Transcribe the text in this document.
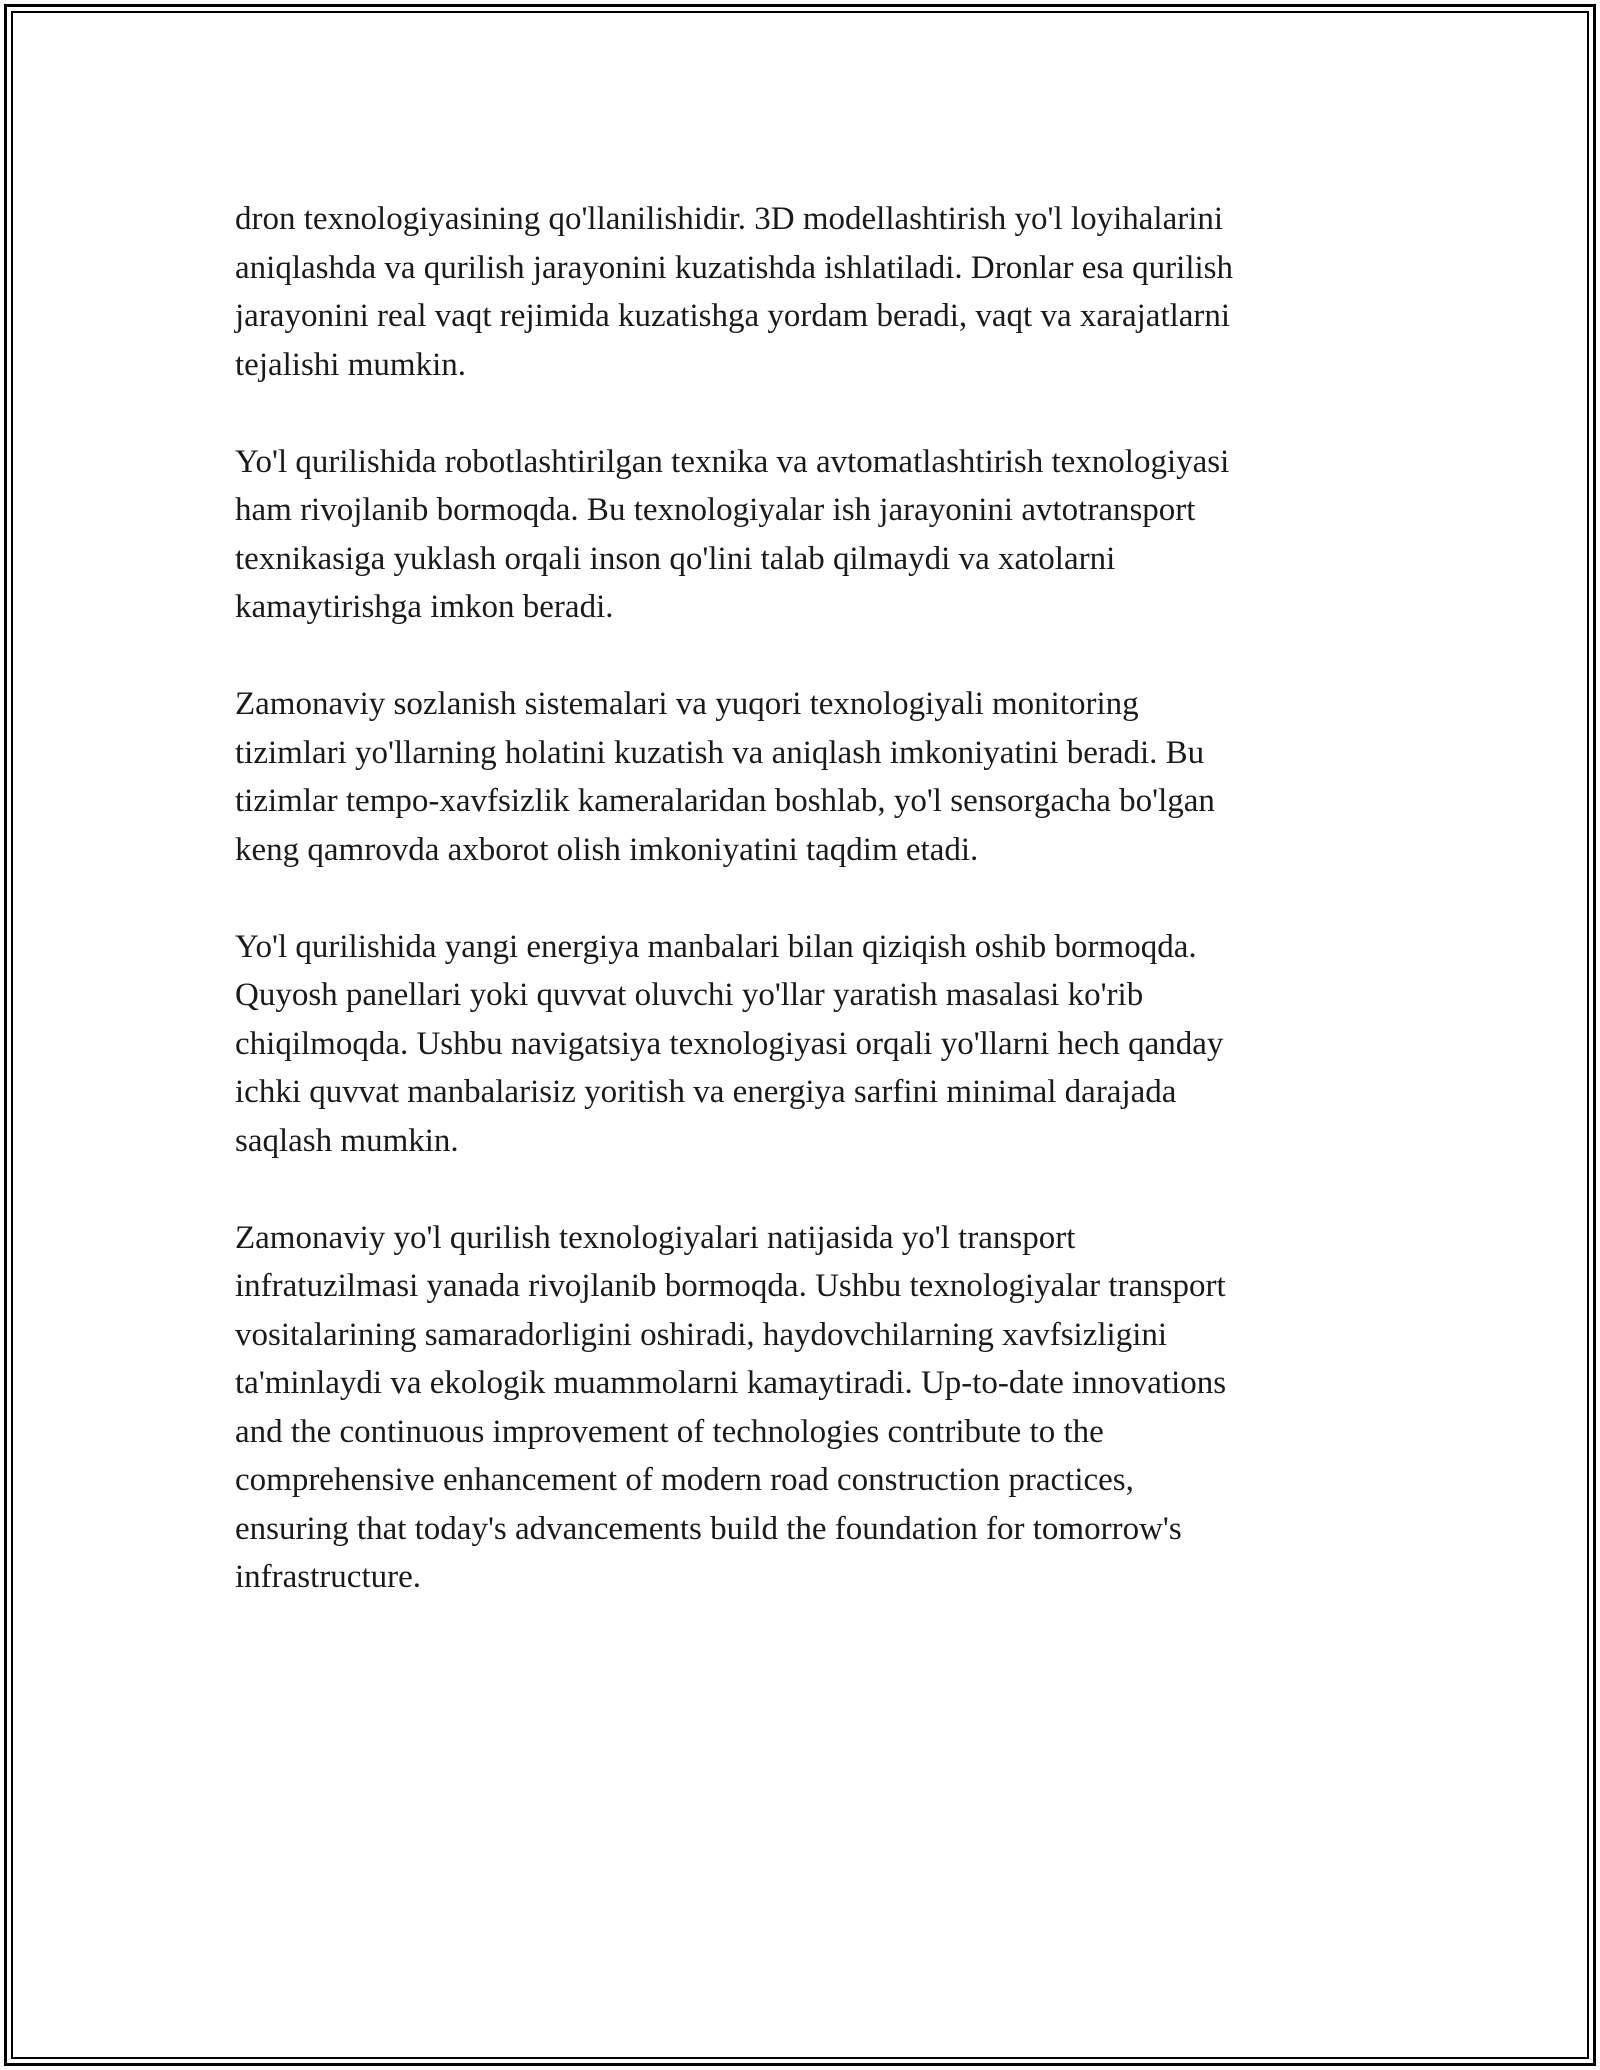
dron texnologiyasining qo'llanilishidir. 3D modellashtirish yo'l loyihalarini
aniqlashda va qurilish jarayonini kuzatishda ishlatiladi. Dronlar esa qurilish
jarayonini real vaqt rejimida kuzatishga yordam beradi, vaqt va xarajatlarni
tejalishi mumkin.

Yo'l qurilishida robotlashtirilgan texnika va avtomatlashtirish texnologiyasi
ham rivojlanib bormoqda. Bu texnologiyalar ish jarayonini avtotransport
texnikasiga yuklash orqali inson qo'lini talab qilmaydi va xatolarni
kamaytirishga imkon beradi.

Zamonaviy sozlanish sistemalari va yuqori texnologiyali monitoring
tizimlari yo'llarning holatini kuzatish va aniqlash imkoniyatini beradi. Bu
tizimlar tempo-xavfsizlik kameralaridan boshlab, yo'l sensorgacha bo'lgan
keng qamrovda axborot olish imkoniyatini taqdim etadi.

Yo'l qurilishida yangi energiya manbalari bilan qiziqish oshib bormoqda.
Quyosh panellari yoki quvvat oluvchi yo'llar yaratish masalasi ko'rib
chiqilmoqda. Ushbu navigatsiya texnologiyasi orqali yo'llarni hech qanday
ichki quvvat manbalarisiz yoritish va energiya sarfini minimal darajada
saqlash mumkin.

Zamonaviy yo'l qurilish texnologiyalari natijasida yo'l transport
infratuzilmasi yanada rivojlanib bormoqda. Ushbu texnologiyalar transport
vositalarining samaradorligini oshiradi, haydovchilarning xavfsizligini
ta'minlaydi va ekologik muammolarni kamaytiradi. Up-to-date innovations
and the continuous improvement of technologies contribute to the
comprehensive enhancement of modern road construction practices,
ensuring that today's advancements build the foundation for tomorrow's
infrastructure.
